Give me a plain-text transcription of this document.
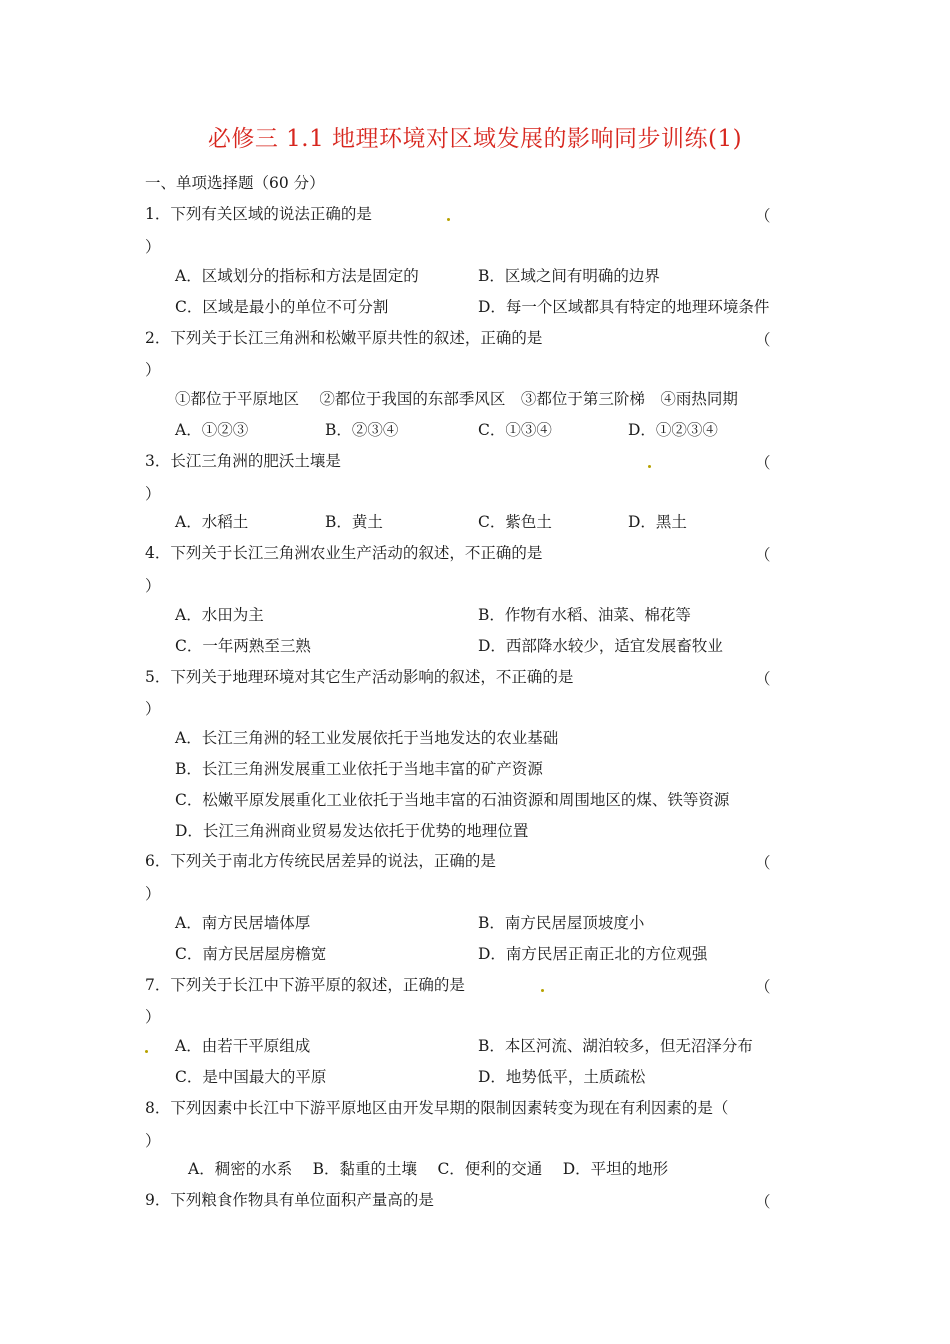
必修三 1.1 地理环境对区域发展的影响同步训练(1)
一、单项选择题（60 分）
1．下列有关区域的说法正确的是	（
）
A．区域划分的指标和方法是固定的	B．区域之间有明确的边界
C．区域是最小的单位不可分割	D．每一个区域都具有特定的地理环境条件
2．下列关于长江三角洲和松嫩平原共性的叙述，正确的是	（
）
①都位于平原地区　 ②都位于我国的东部季风区　③都位于第三阶梯　④雨热同期
A．①②③	B．②③④	C．①③④	D．①②③④
3．长江三角洲的肥沃土壤是	（
）
A．水稻土	B．黄土	C．紫色土	D．黑土
4．下列关于长江三角洲农业生产活动的叙述，不正确的是	（
）
A．水田为主	B．作物有水稻、油菜、棉花等
C．一年两熟至三熟	D．西部降水较少，适宜发展畜牧业
5．下列关于地理环境对其它生产活动影响的叙述，不正确的是	（
）
A．长江三角洲的轻工业发展依托于当地发达的农业基础
B．长江三角洲发展重工业依托于当地丰富的矿产资源
C．松嫩平原发展重化工业依托于当地丰富的石油资源和周围地区的煤、铁等资源
D．长江三角洲商业贸易发达依托于优势的地理位置
6．下列关于南北方传统民居差异的说法，正确的是	（
）
A．南方民居墙体厚	B．南方民居屋顶坡度小
C．南方民居屋房檐宽	D．南方民居正南正北的方位观强
7．下列关于长江中下游平原的叙述，正确的是	（
）
A．由若干平原组成	B．本区河流、湖泊较多，但无沼泽分布
C．是中国最大的平原	D．地势低平，土质疏松
8．下列因素中长江中下游平原地区由开发早期的限制因素转变为现在有利因素的是（
）
A．稠密的水系　 B．黏重的土壤　 C．便利的交通　 D．平坦的地形
9．下列粮食作物具有单位面积产量高的是	（
